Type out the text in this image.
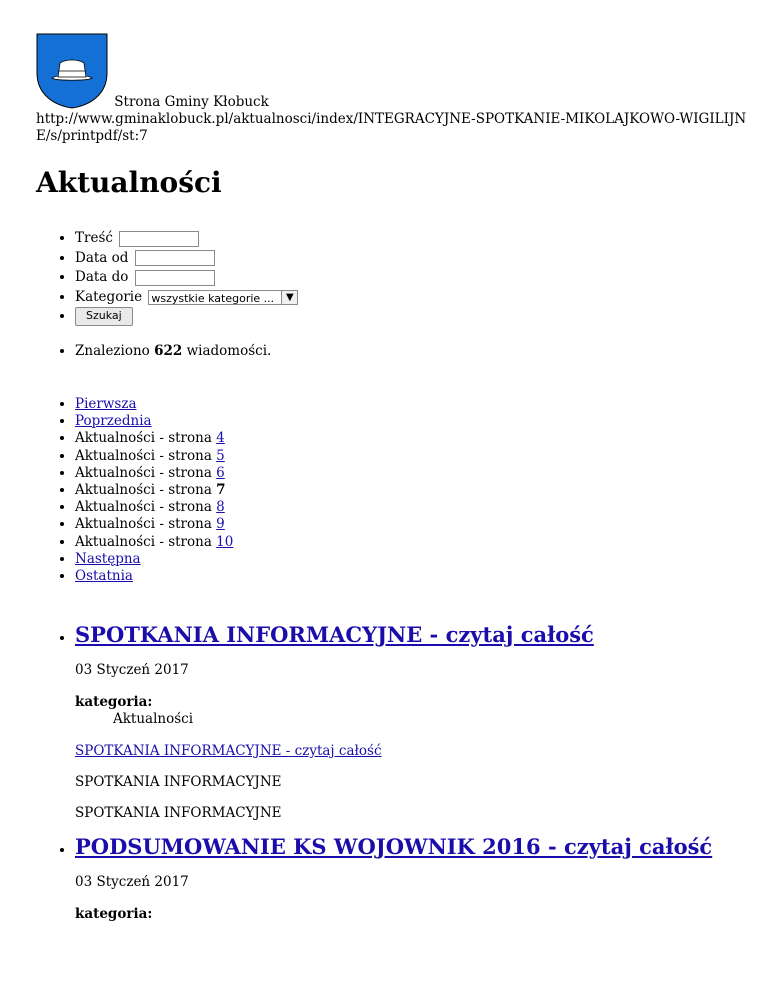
Strona Gminy Kłobuck
http://www.gminaklobuck.pl/aktualnosci/index/INTEGRACYJNE-SPOTKANIE-MIKOLAJKOWO-WIGILIJNE/s/printpdf/st:7
Aktualności
• Treść
• Data od
• Data do
• Kategorie wszystkie kategorie ...	▼
• Szukaj
• Znaleziono 622 wiadomości.
• Pierwsza
• Poprzednia
• Aktualności - strona 4
• Aktualności - strona 5
• Aktualności - strona 6
• Aktualności - strona 7
• Aktualności - strona 8
• Aktualności - strona 9
• Aktualności - strona 10
• Następna
• Ostatnia
• SPOTKANIA INFORMACYJNE - czytaj całość
03 Styczeń 2017
kategoria:
Aktualności
SPOTKANIA INFORMACYJNE - czytaj całość
SPOTKANIA INFORMACYJNE
SPOTKANIA INFORMACYJNE
• PODSUMOWANIE KS WOJOWNIK 2016 - czytaj całość
03 Styczeń 2017
kategoria:
